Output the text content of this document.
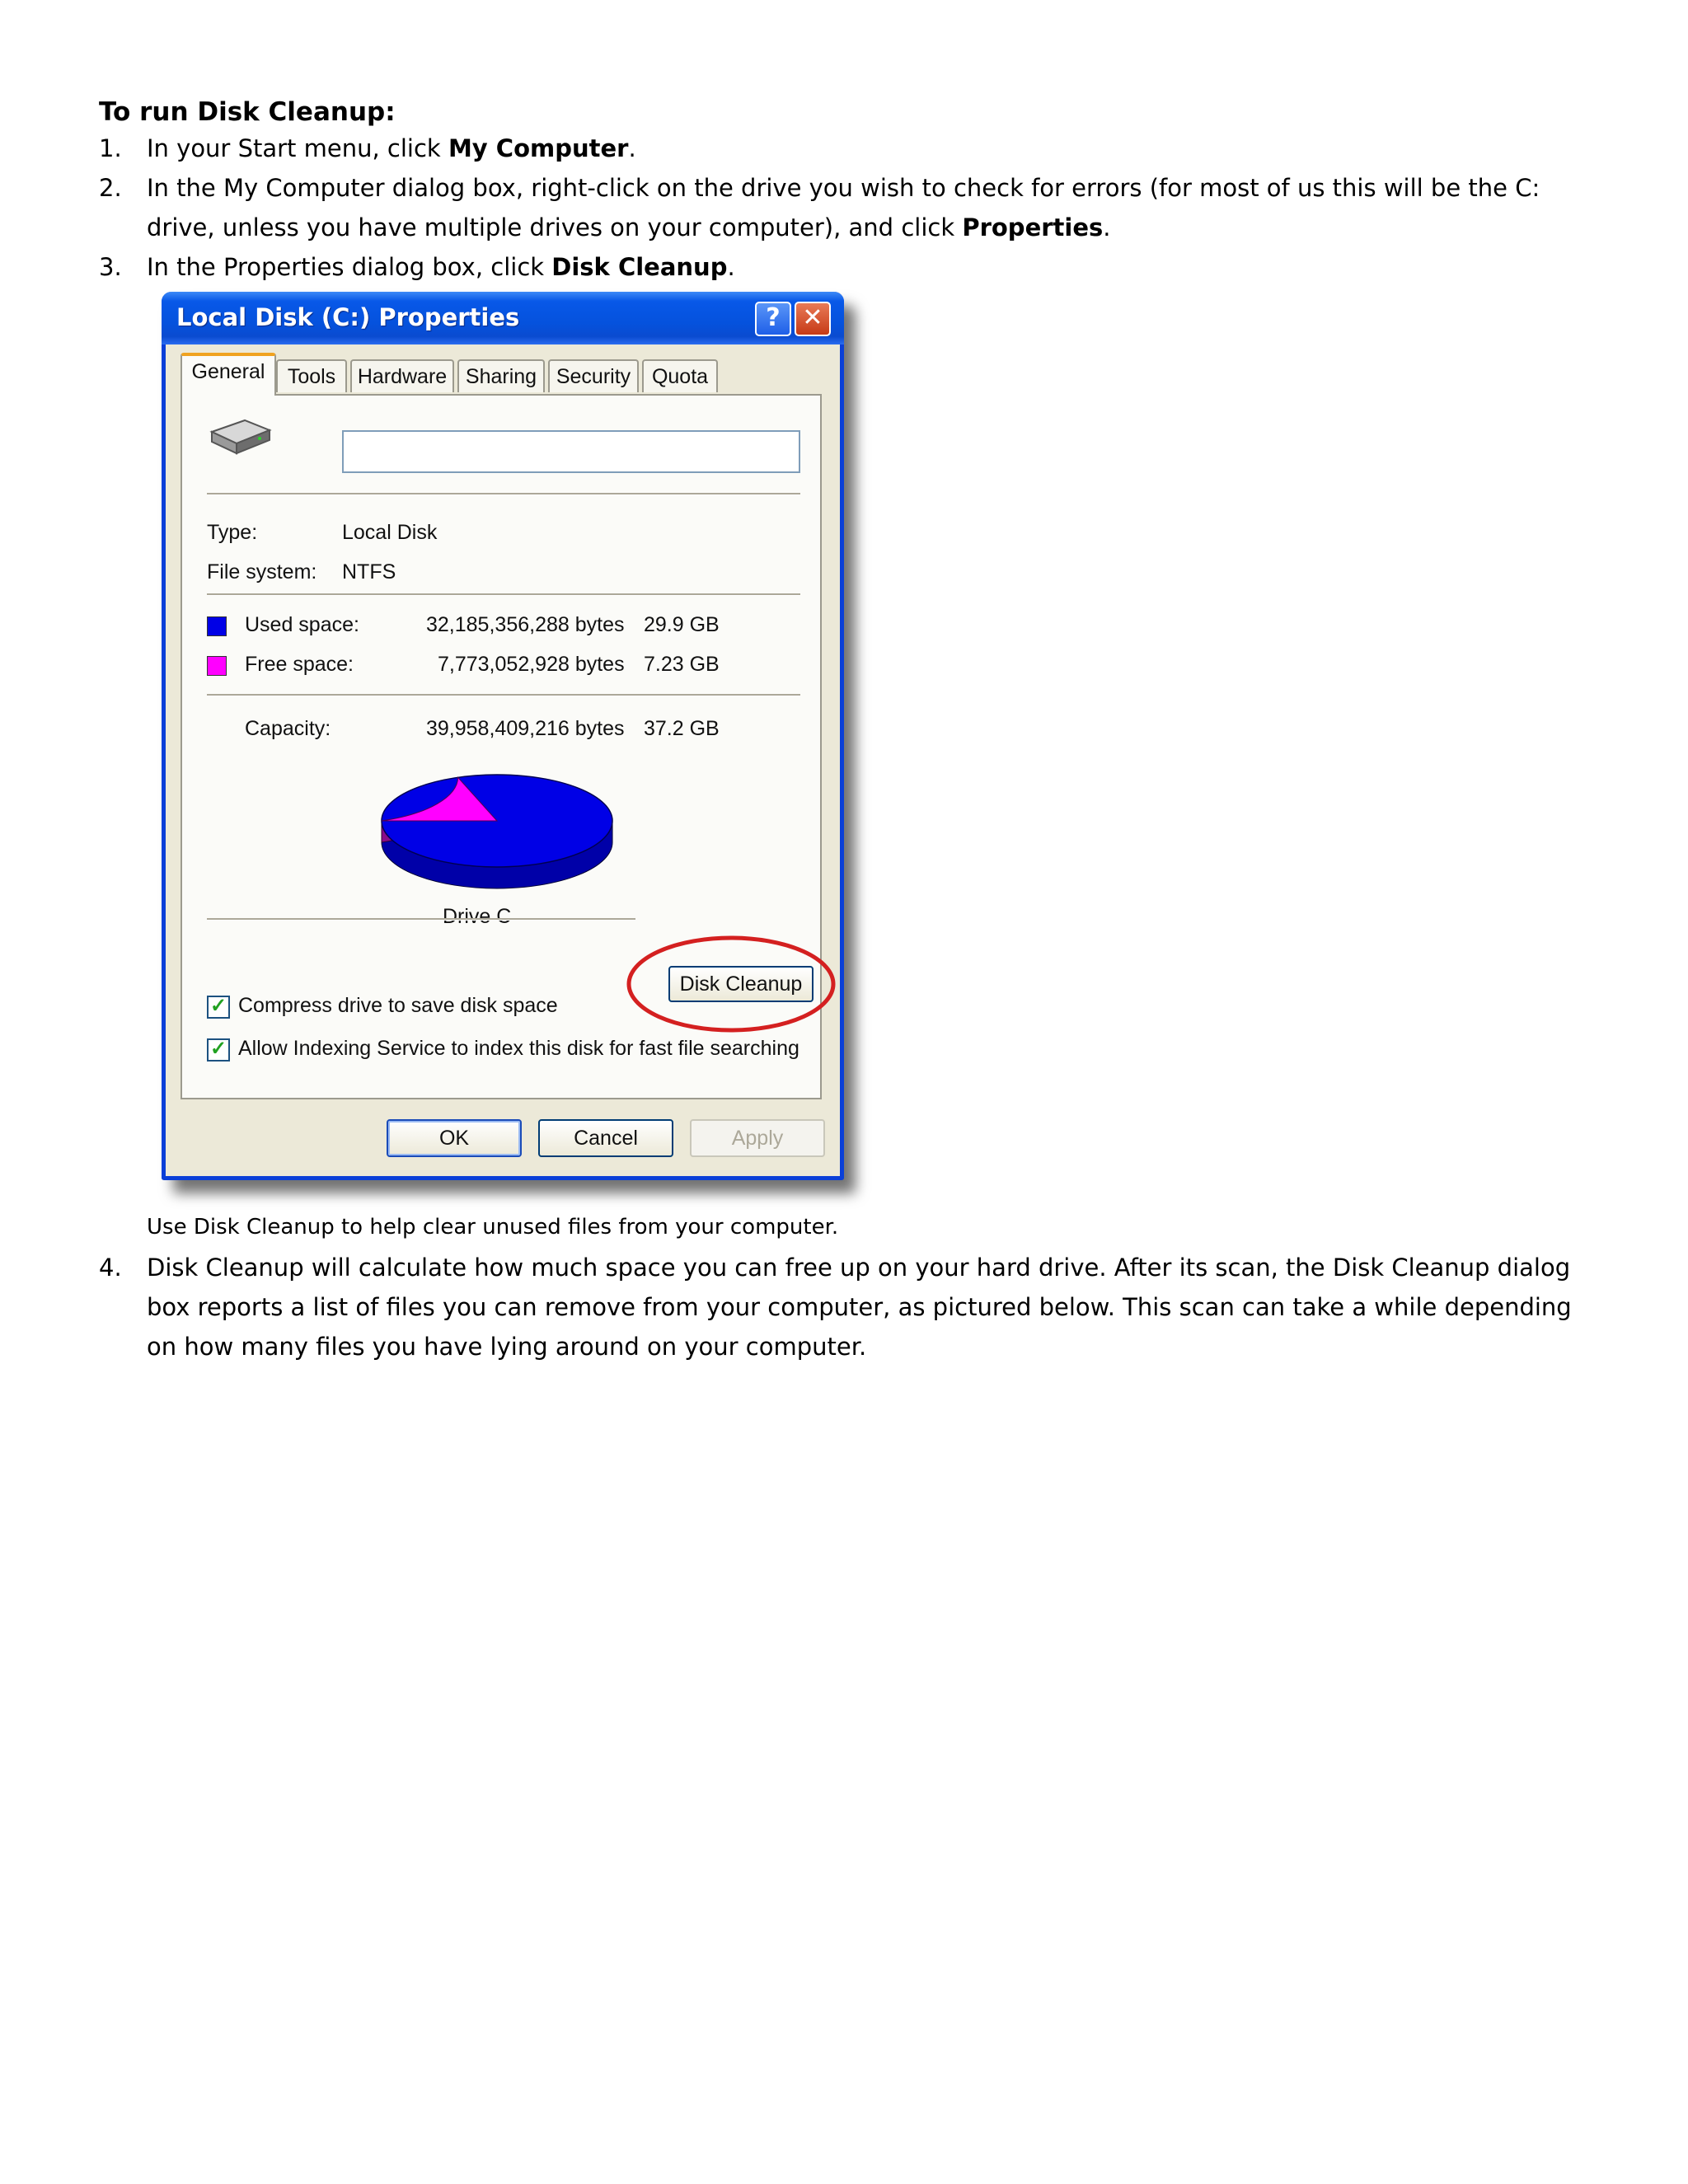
To run Disk Cleanup:
1. In your Start menu, click My Computer.
2. In the My Computer dialog box, right-click on the drive you wish to check for errors (for most of us this will be the C: drive, unless you have multiple drives on your computer), and click Properties.
3. In the Properties dialog box, click Disk Cleanup.
Use Disk Cleanup to help clear unused files from your computer.
4. Disk Cleanup will calculate how much space you can free up on your hard drive. After its scan, the Disk Cleanup dialog box reports a list of files you can remove from your computer, as pictured below. This scan can take a while depending on how many files you have lying around on your computer.
Local Disk (C:) Properties	? ✕
General	Tools	Hardware Sharing Security	Quota
Type:	Local Disk
File system: NTFS
Used space:	32,185,356,288 bytes 29.9 GB
Free space:	7,773,052,928 bytes 7.23 GB
Capacity:	39,958,409,216 bytes 37.2 GB
Drive C
Disk Cleanup
✓ Compress drive to save disk space
✓ Allow Indexing Service to index this disk for fast file searching
OK	Cancel	Apply
